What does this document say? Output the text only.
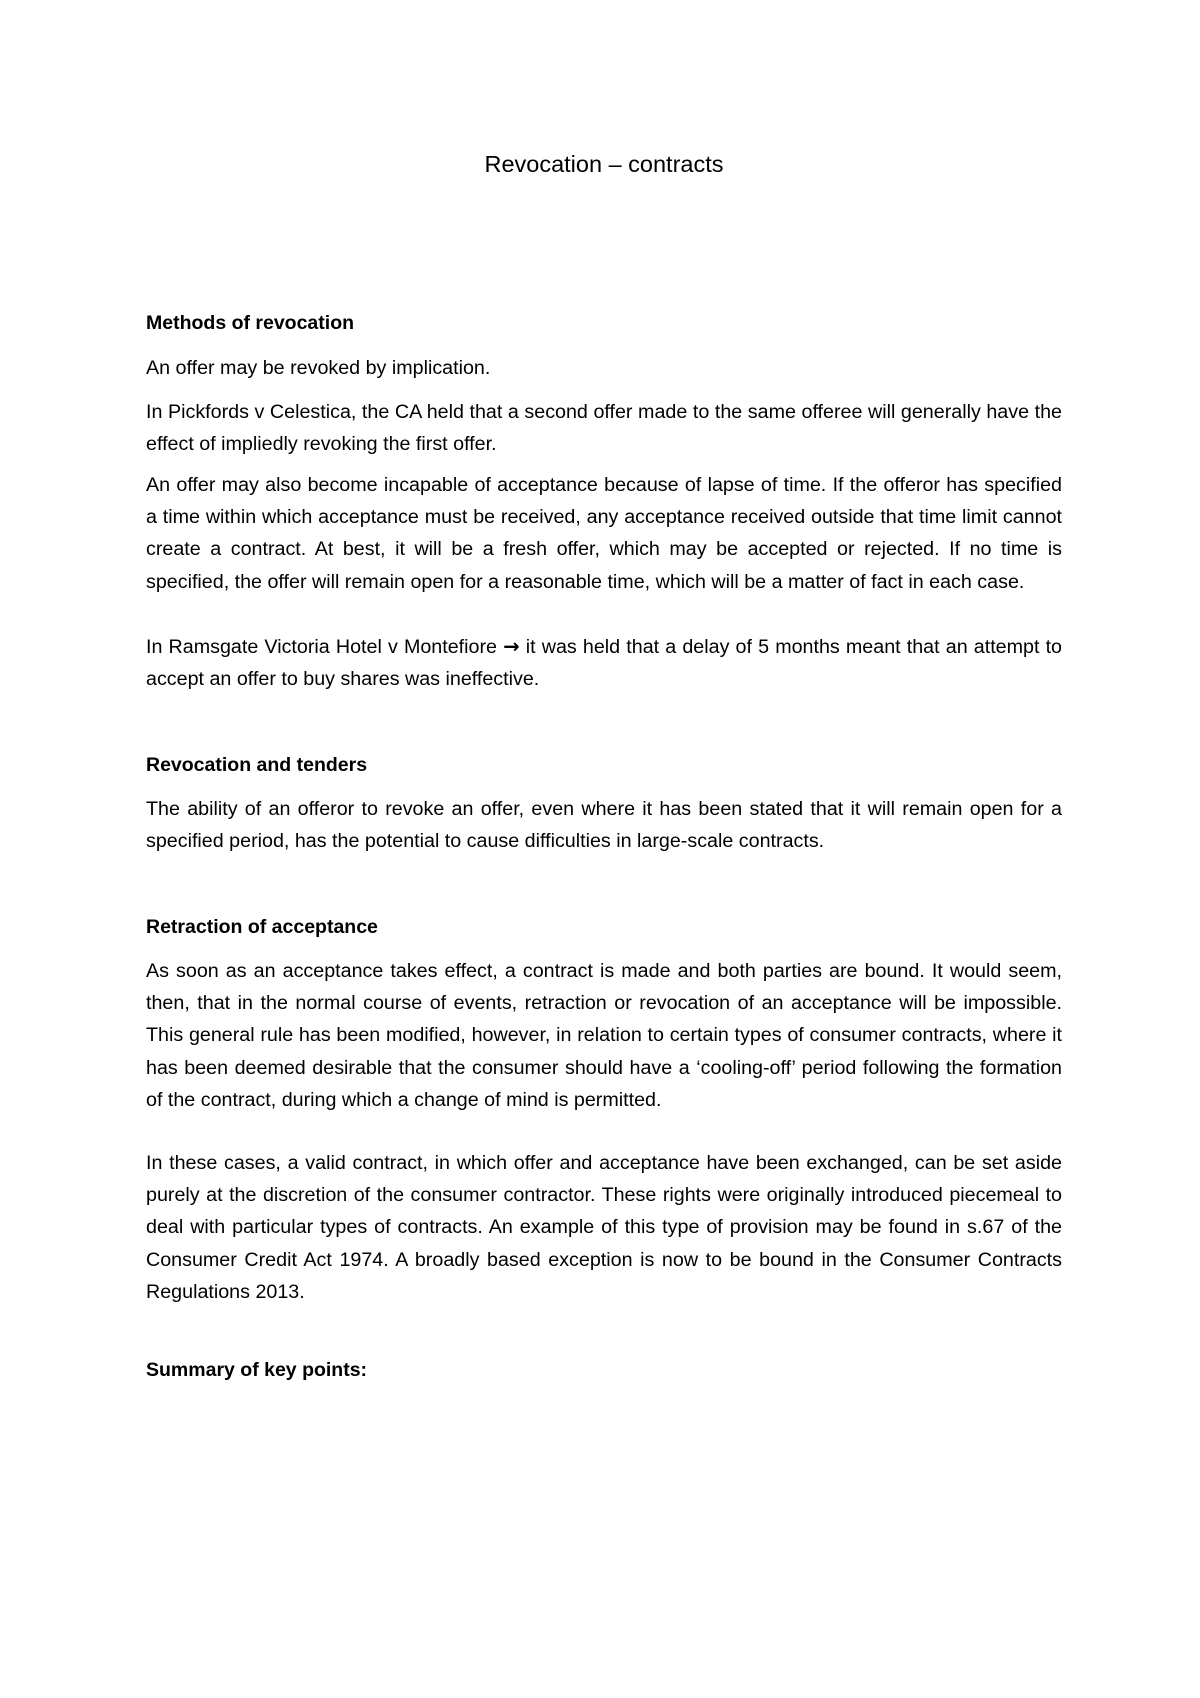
Revocation – contracts
Methods of revocation

An offer may be revoked by implication.

In Pickfords v Celestica, the CA held that a second offer made to the same offeree will generally have the effect of impliedly revoking the first offer.

An offer may also become incapable of acceptance because of lapse of time. If the offeror has specified a time within which acceptance must be received, any acceptance received outside that time limit cannot create a contract. At best, it will be a fresh offer, which may be accepted or rejected. If no time is specified, the offer will remain open for a reasonable time, which will be a matter of fact in each case.

In Ramsgate Victoria Hotel v Montefiore → it was held that a delay of 5 months meant that an attempt to accept an offer to buy shares was ineffective.

Revocation and tenders

The ability of an offeror to revoke an offer, even where it has been stated that it will remain open for a specified period, has the potential to cause difficulties in large-scale contracts.

Retraction of acceptance

As soon as an acceptance takes effect, a contract is made and both parties are bound. It would seem, then, that in the normal course of events, retraction or revocation of an acceptance will be impossible. This general rule has been modified, however, in relation to certain types of consumer contracts, where it has been deemed desirable that the consumer should have a ‘cooling-off’ period following the formation of the contract, during which a change of mind is permitted.

In these cases, a valid contract, in which offer and acceptance have been exchanged, can be set aside purely at the discretion of the consumer contractor. These rights were originally introduced piecemeal to deal with particular types of contracts. An example of this type of provision may be found in s.67 of the Consumer Credit Act 1974. A broadly based exception is now to be bound in the Consumer Contracts Regulations 2013.

Summary of key points:
